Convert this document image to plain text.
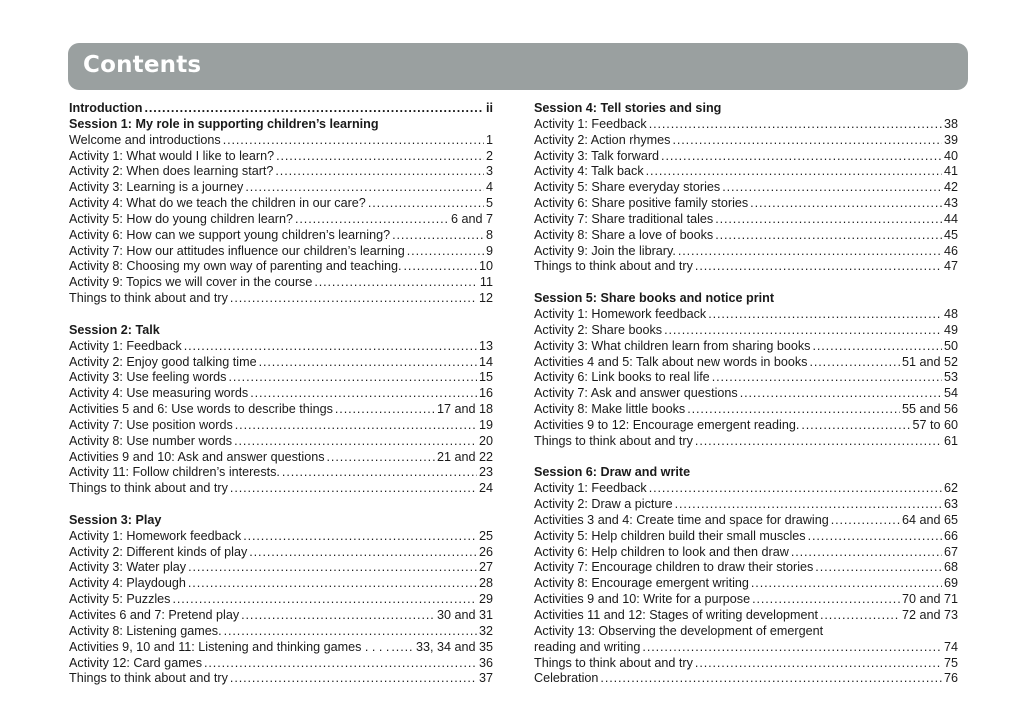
Contents
Introduction . . .	ii
Session 1: My role in supporting children’s learning
Welcome and introductions . . .	1
Activity 1: What would I like to learn? . . .	2
Activity 2: When does learning start? . . .	3
Activity 3: Learning is a journey . . .	4
Activity 4: What do we teach the children in our care? . . .	5
Activity 5: How do young children learn? . . .	6 and 7
Activity 6: How can we support young children’s learning? . . .	8
Activity 7: How our attitudes influence our children’s learning . . .	9
Activity 8: Choosing my own way of parenting and teaching. . . .	10
Activity 9: Topics we will cover in the course . . .	11
Things to think about and try . . .	12
Session 2: Talk
Activity 1: Feedback . . .	13
Activity 2: Enjoy good talking time . . .	14
Activity 3: Use feeling words . . .	15
Activity 4: Use measuring words . . .	16
Activities 5 and 6: Use words to describe things . . .	17 and 18
Activity 7: Use position words . . .	19
Activity 8: Use number words . . .	20
Activities 9 and 10: Ask and answer questions . . .	21 and 22
Activity 11: Follow children’s interests. . . .	23
Things to think about and try . . .	24
Session 3: Play
Activity 1: Homework feedback . . .	25
Activity 2: Different kinds of play . . .	26
Activity 3: Water play . . .	27
Activity 4: Playdough . . .	28
Activity 5: Puzzles . . .	29
Activites 6 and 7: Pretend play . . .	30 and 31
Activity 8: Listening games. . . .	32
Activities 9, 10 and 11: Listening and thinking games . . . . . . . 33, 34 and 35
Activity 12: Card games . . .	36
Things to think about and try . . .	37
Session 4: Tell stories and sing
Activity 1: Feedback . . .	38
Activity 2: Action rhymes . . .	39
Activity 3: Talk forward . . .	40
Activity 4: Talk back . . .	41
Activity 5: Share everyday stories . . .	42
Activity 6: Share positive family stories . . .	43
Activity 7: Share traditional tales . . .	44
Activity 8: Share a love of books . . .	45
Activity 9: Join the library. . . .	46
Things to think about and try . . .	47
Session 5: Share books and notice print
Activity 1: Homework feedback . . .	48
Activity 2: Share books . . .	49
Activity 3: What children learn from sharing books . . .	50
Activities 4 and 5: Talk about new words in books . . .	51 and 52
Activity 6: Link books to real life . . .	53
Activity 7: Ask and answer questions . . .	54
Activity 8: Make little books . . .	55 and 56
Activities 9 to 12: Encourage emergent reading. . . .	57 to 60
Things to think about and try . . .	61
Session 6: Draw and write
Activity 1: Feedback . . .	62
Activity 2: Draw a picture . . .	63
Activities 3 and 4: Create time and space for drawing . . .	64 and 65
Activity 5: Help children build their small muscles . . .	66
Activity 6: Help children to look and then draw . . .	67
Activity 7: Encourage children to draw their stories . . .	68
Activity 8: Encourage emergent writing . . .	69
Activities 9 and 10: Write for a purpose . . .	70 and 71
Activities 11 and 12: Stages of writing development . . .	72 and 73
Activity 13: Observing the development of emergent
reading and writing . . .	74
Things to think about and try . . .	75
Celebration . . .	76
